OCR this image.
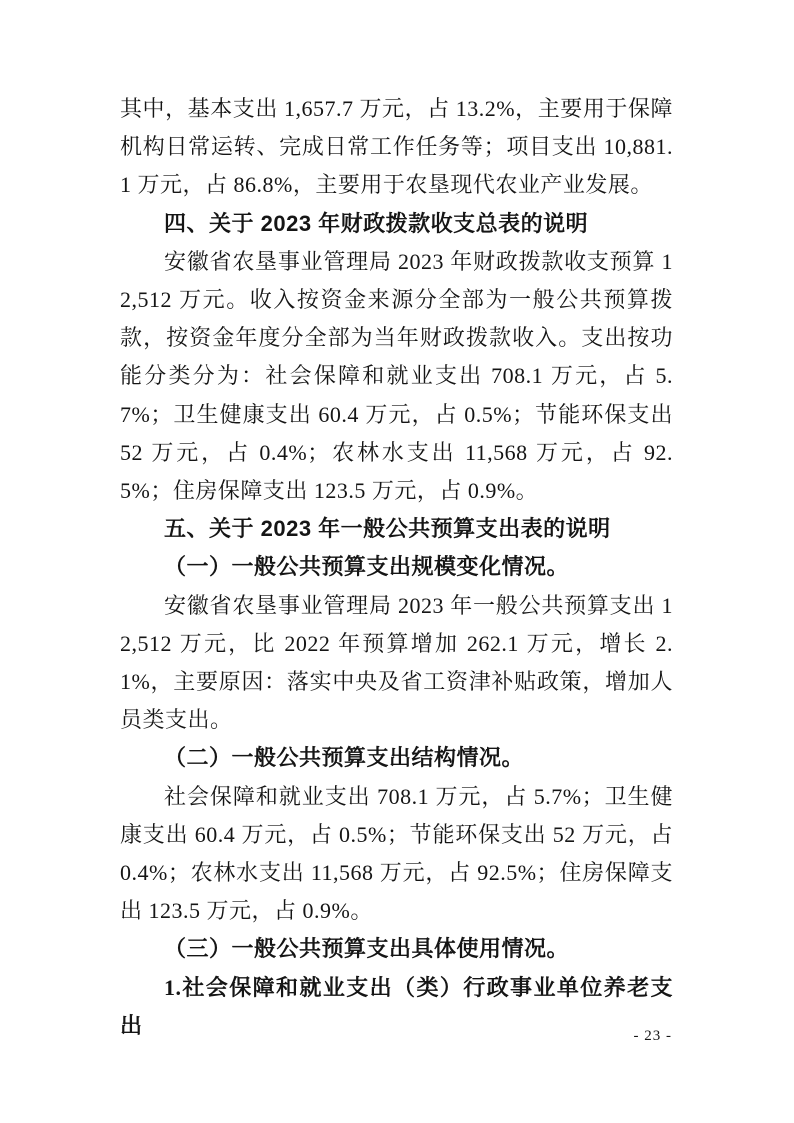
其中，基本支出 1,657.7 万元，占 13.2%，主要用于保障机构日常运转、完成日常工作任务等；项目支出 10,881.1 万元，占 86.8%，主要用于农垦现代农业产业发展。

四、关于 2023 年财政拨款收支总表的说明

安徽省农垦事业管理局 2023 年财政拨款收支预算 12,512 万元。收入按资金来源分全部为一般公共预算拨款，按资金年度分全部为当年财政拨款收入。支出按功能分类分为：社会保障和就业支出 708.1 万元，占 5.7%；卫生健康支出 60.4 万元，占 0.5%；节能环保支出 52 万元，占 0.4%；农林水支出 11,568 万元，占 92.5%；住房保障支出 123.5 万元，占 0.9%。

五、关于 2023 年一般公共预算支出表的说明

（一）一般公共预算支出规模变化情况。

安徽省农垦事业管理局 2023 年一般公共预算支出 12,512 万元，比 2022 年预算增加 262.1 万元，增长 2.1%，主要原因：落实中央及省工资津补贴政策，增加人员类支出。

（二）一般公共预算支出结构情况。

社会保障和就业支出 708.1 万元，占 5.7%；卫生健康支出 60.4 万元，占 0.5%；节能环保支出 52 万元，占 0.4%；农林水支出 11,568 万元，占 92.5%；住房保障支出 123.5 万元，占 0.9%。

（三）一般公共预算支出具体使用情况。

1.社会保障和就业支出（类）行政事业单位养老支出	- 23 -
